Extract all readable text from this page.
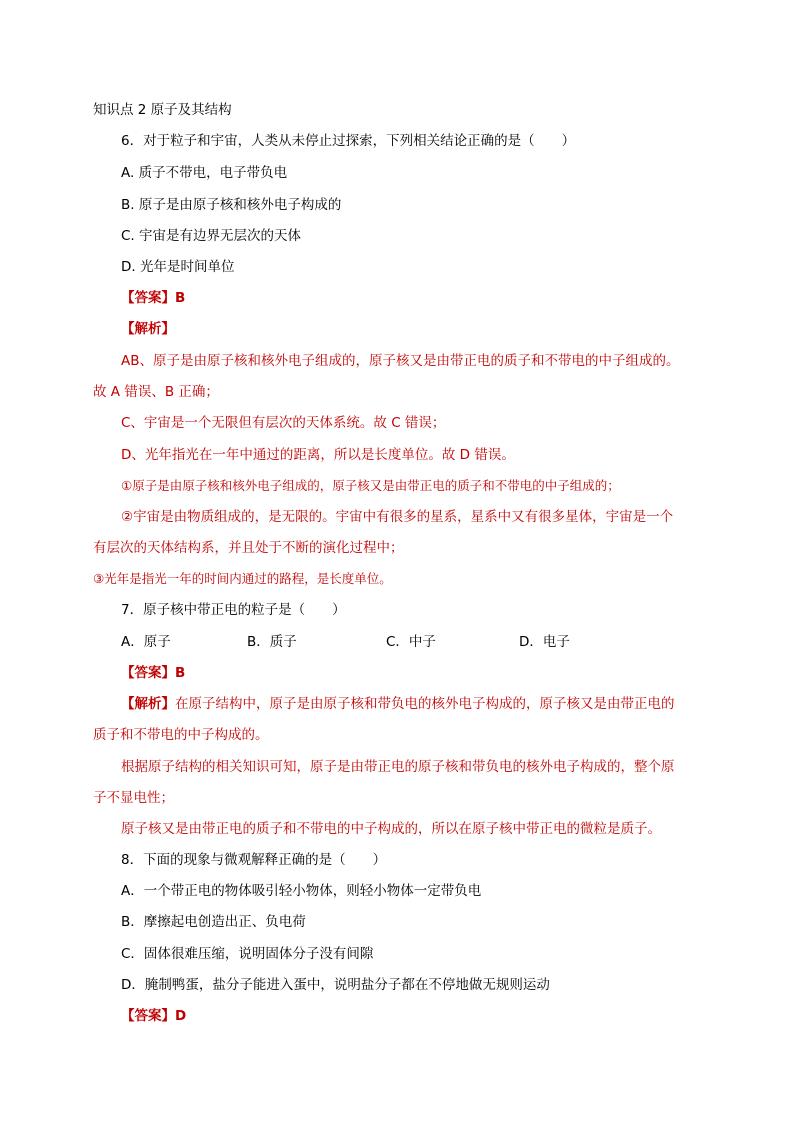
知识点 2 原子及其结构
6．对于粒子和宇宙，人类从未停止过探索，下列相关结论正确的是（　　）
A. 质子不带电，电子带负电
B. 原子是由原子核和核外电子构成的
C. 宇宙是有边界无层次的天体
D. 光年是时间单位
【答案】B
【解析】
AB、原子是由原子核和核外电子组成的，原子核又是由带正电的质子和不带电的中子组成的。
故 A 错误、B 正确；
C、宇宙是一个无限但有层次的天体系统。故 C 错误；
D、光年指光在一年中通过的距离，所以是长度单位。故 D 错误。
①原子是由原子核和核外电子组成的，原子核又是由带正电的质子和不带电的中子组成的；
②宇宙是由物质组成的，是无限的。宇宙中有很多的星系，星系中又有很多星体，宇宙是一个
有层次的天体结构系，并且处于不断的演化过程中；
③光年是指光一年的时间内通过的路程，是长度单位。
7．原子核中带正电的粒子是（　　）
A．原子	B．质子	C．中子	D．电子
【答案】B
【解析】在原子结构中，原子是由原子核和带负电的核外电子构成的，原子核又是由带正电的
质子和不带电的中子构成的。
根据原子结构的相关知识可知，原子是由带正电的原子核和带负电的核外电子构成的，整个原
子不显电性；
原子核又是由带正电的质子和不带电的中子构成的，所以在原子核中带正电的微粒是质子。
8．下面的现象与微观解释正确的是（　　）
A．一个带正电的物体吸引轻小物体，则轻小物体一定带负电
B．摩擦起电创造出正、负电荷
C．固体很难压缩，说明固体分子没有间隙
D．腌制鸭蛋，盐分子能进入蛋中，说明盐分子都在不停地做无规则运动
【答案】D
